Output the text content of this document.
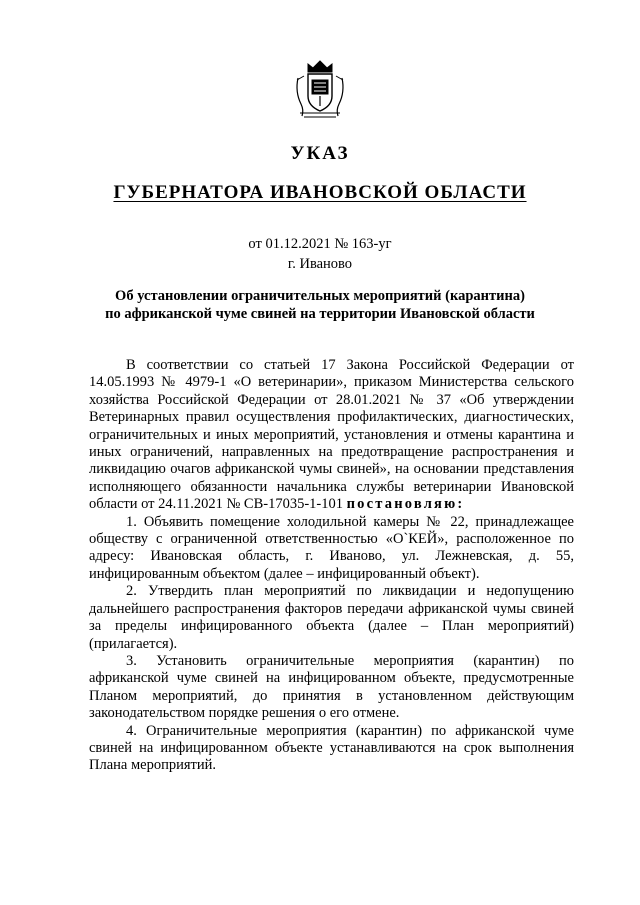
УКАЗ
ГУБЕРНАТОРА ИВАНОВСКОЙ ОБЛАСТИ
от 01.12.2021 № 163-уг
г. Иваново
Об установлении ограничительных мероприятий (карантина)
по африканской чуме свиней на территории Ивановской области

В соответствии со статьей 17 Закона Российской Федерации от 14.05.1993 № 4979-1 «О ветеринарии», приказом Министерства сельского хозяйства Российской Федерации от 28.01.2021 № 37 «Об утверждении Ветеринарных правил осуществления профилактических, диагностических, ограничительных и иных мероприятий, установления и отмены карантина и иных ограничений, направленных на предотвращение распространения и ликвидацию очагов африканской чумы свиней», на основании представления исполняющего обязанности начальника службы ветеринарии Ивановской области от 24.11.2021 № СВ-17035-1-101 постановляю:

1. Объявить помещение холодильной камеры № 22, принадлежащее обществу с ограниченной ответственностью «О`КЕЙ», расположенное по адресу: Ивановская область, г. Иваново, ул. Лежневская, д. 55, инфицированным объектом (далее – инфицированный объект).

2. Утвердить план мероприятий по ликвидации и недопущению дальнейшего распространения факторов передачи африканской чумы свиней за пределы инфицированного объекта (далее – План мероприятий) (прилагается).

3. Установить ограничительные мероприятия (карантин) по африканской чуме свиней на инфицированном объекте, предусмотренные Планом мероприятий, до принятия в установленном действующим законодательством порядке решения о его отмене.

4. Ограничительные мероприятия (карантин) по африканской чуме свиней на инфицированном объекте устанавливаются на срок выполнения Плана мероприятий.
